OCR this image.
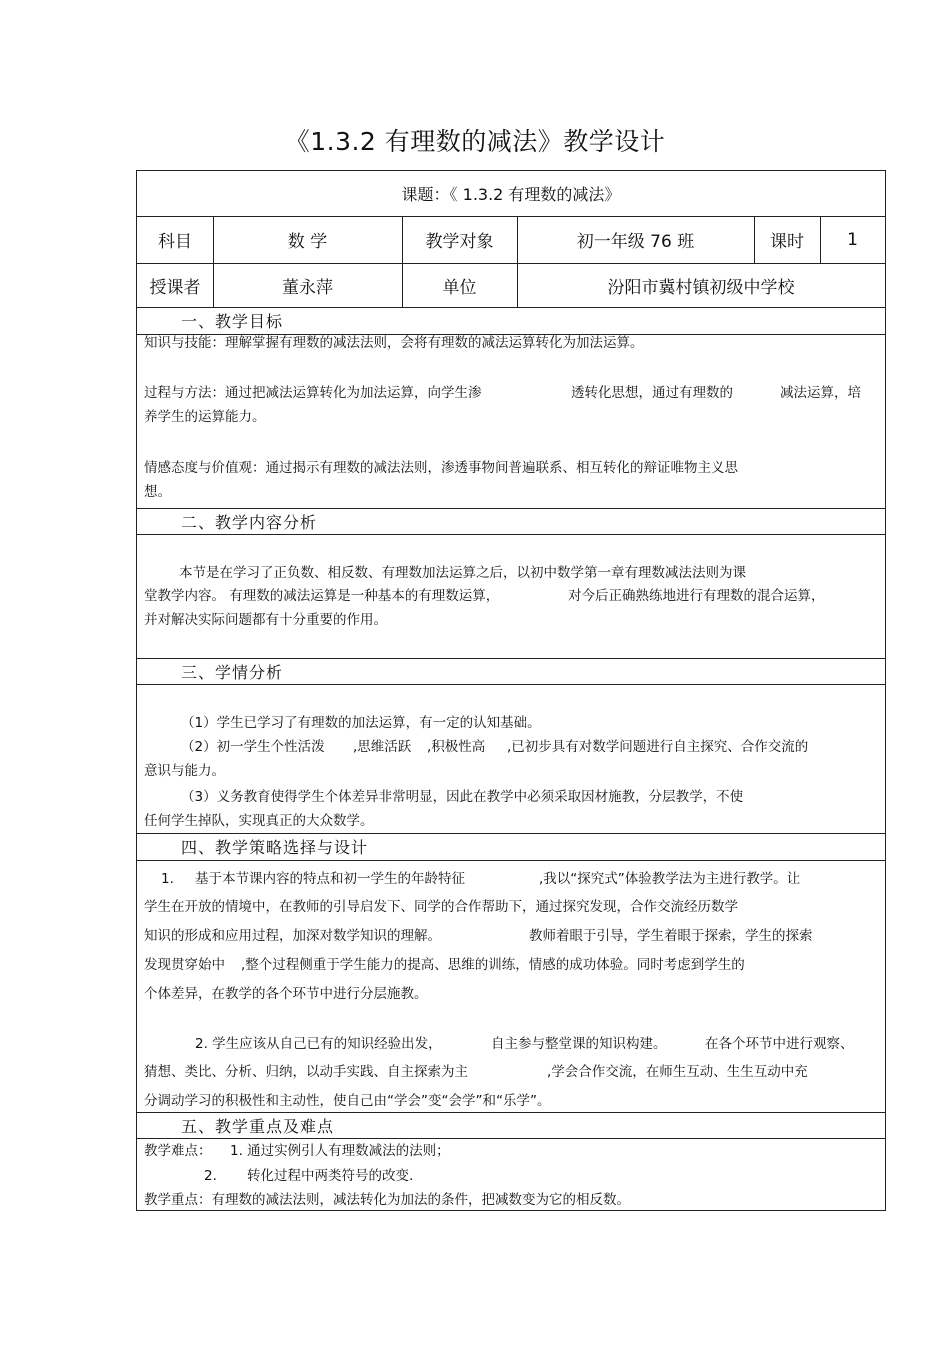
《1.3.2 有理数的减法》教学设计
课题：《 1.3.2 有理数的减法》
科目	数 学	教学对象	初一年级 76 班	课时	1
授课者	董永萍	单位	汾阳市冀村镇初级中学校
一、教学目标
知识与技能：理解掌握有理数的减法法则，会将有理数的减法运算转化为加法运算。
过程与方法：通过把减法运算转化为加法运算，向学生渗	透转化思想，通过有理数的	减法运算，培
养学生的运算能力。
情感态度与价值观：通过揭示有理数的减法法则，渗透事物间普遍联系、相互转化的辩证唯物主义思
想。
二、教学内容分析
本节是在学习了正负数、相反数、有理数加法运算之后，以初中数学第一章有理数减法法则为课
堂教学内容。 有理数的减法运算是一种基本的有理数运算，	对今后正确熟练地进行有理数的混合运算，
并对解决实际问题都有十分重要的作用。
三、学情分析
（1）学生已学习了有理数的加法运算，有一定的认知基础。
（2）初一学生个性活泼 ,思维活跃 ,积极性高 ,已初步具有对数学问题进行自主探究、合作交流的
意识与能力。
（3）义务教育使得学生个体差异非常明显，因此在教学中必须采取因材施教，分层教学，不使
任何学生掉队，实现真正的大众数学。
四、教学策略选择与设计
1. 基于本节课内容的特点和初一学生的年龄特征	,我以“探究式”体验教学法为主进行教学。让
学生在开放的情境中，在教师的引导启发下、同学的合作帮助下，通过探究发现，合作交流经历数学
知识的形成和应用过程，加深对数学知识的理解。	教师着眼于引导，学生着眼于探索，学生的探索
发现贯穿始中 ,整个过程侧重于学生能力的提高、思维的训练，情感的成功体验。同时考虑到学生的
个体差异，在教学的各个环节中进行分层施教。
2. 学生应该从自己已有的知识经验出发，	自主参与整堂课的知识构建。	在各个环节中进行观察、
猜想、类比、分析、归纳，以动手实践、自主探索为主	,学会合作交流，在师生互动、生生互动中充
分调动学习的积极性和主动性，使自己由“学会”变“会学”和“乐学”。
五、教学重点及难点
教学难点： 1. 通过实例引人有理数减法的法则；
2. 转化过程中两类符号的改变.
教学重点：有理数的减法法则，减法转化为加法的条件，把减数变为它的相反数。
